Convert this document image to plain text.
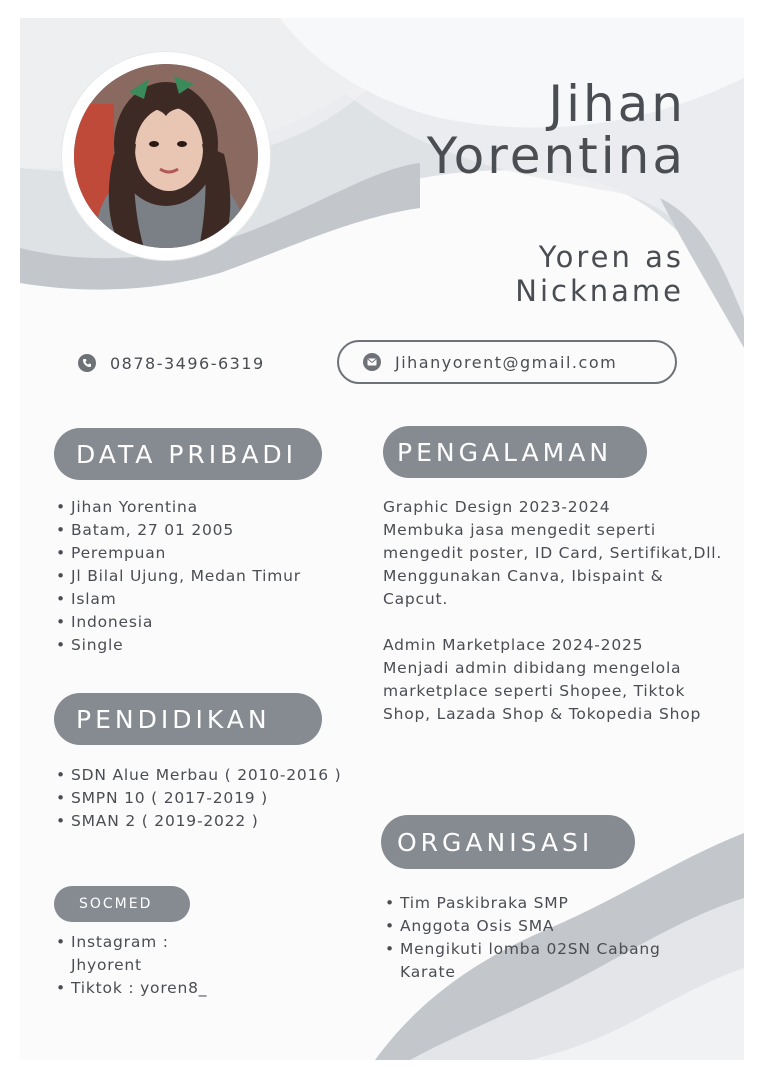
Jihan
Yorentina
Yoren as
Nickname
0878-3496-6319	Jihanyorent@gmail.com
DATA PRIBADI
• Jihan Yorentina
• Batam, 27 01 2005
• Perempuan
• Jl Bilal Ujung, Medan Timur
• Islam
• Indonesia
• Single
PENDIDIKAN
• SDN Alue Merbau ( 2010-2016 )
• SMPN 10 ( 2017-2019 )
• SMAN 2 ( 2019-2022 )
SOCMED
• Instagram : Jhyorent
• Tiktok : yoren8_
PENGALAMAN

Graphic Design 2023-2024

Membuka jasa mengedit seperti mengedit poster, ID Card, Sertifikat,Dll. Menggunakan Canva, Ibispaint & Capcut.

Admin Marketplace 2024-2025

Menjadi admin dibidang mengelola marketplace seperti Shopee, Tiktok Shop, Lazada Shop & Tokopedia Shop

ORGANISASI
• Tim Paskibraka SMP
• Anggota Osis SMA
• Mengikuti lomba 02SN Cabang Karate
